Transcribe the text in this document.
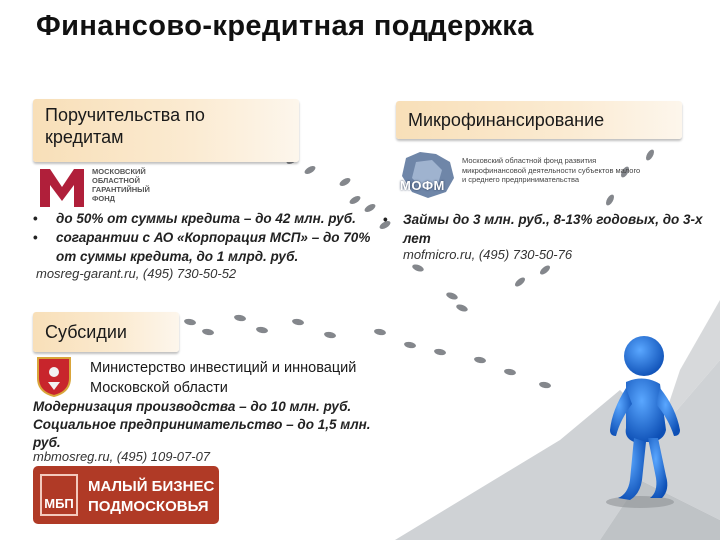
Финансово-кредитная поддержка
Поручительства по кредитам
МОСКОВСКИЙ
ОБЛАСТНОЙ
ГАРАНТИЙНЫЙ
ФОНД
•	до 50% от суммы кредита – до 42 млн. руб.
•	согарантии с АО «Корпорация МСП» – до 70% от суммы кредита, до 1 млрд. руб.
mosreg-garant.ru, (495) 730-50-52
Микрофинансирование
МОФМ
Московский областной фонд развития
микрофинансовой деятельности субъектов малого
и среднего предпринимательства
•	Займы до 3 млн. руб., 8-13% годовых, до 3-х лет
mofmicro.ru, (495) 730-50-76
Субсидии
Министерство инвестиций и инноваций Московской области
Модернизация производства – до 10 млн. руб.
Социальное предпринимательство – до 1,5 млн. руб.
mbmosreg.ru, (495) 109-07-07
МБП
МАЛЫЙ БИЗНЕС
ПОДМОСКОВЬЯ
